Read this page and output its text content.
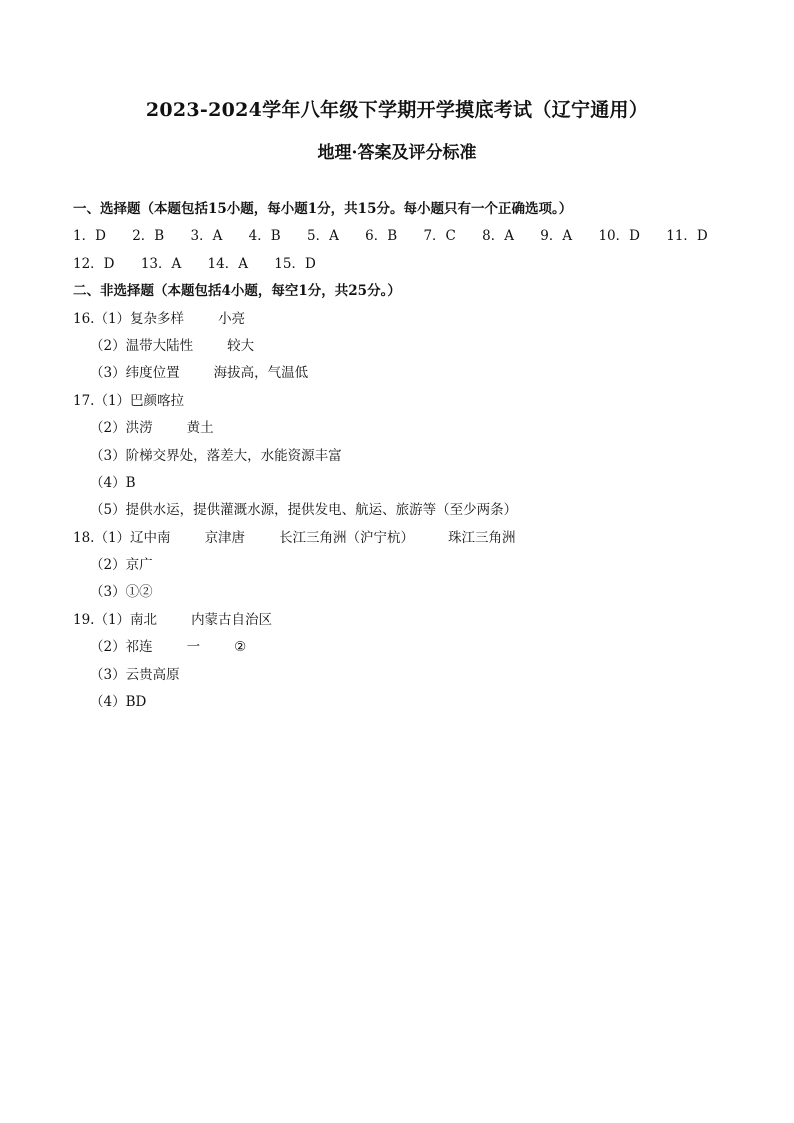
2023-2024学年八年级下学期开学摸底考试（辽宁通用）
地理·答案及评分标准
一、选择题（本题包括15小题，每小题1分，共15分。每小题只有一个正确选项。）
1．D 2．B 3．A 4．B 5．A 6．B 7．C 8．A 9．A 10．D 11．D
12．D 13．A 14．A 15．D
二、非选择题（本题包括4小题，每空1分，共25分。）
16.（1）复杂多样	小亮
（2）温带大陆性	较大
（3）纬度位置	海拔高，气温低
17.（1）巴颜喀拉
（2）洪涝	黄土
（3）阶梯交界处，落差大，水能资源丰富
（4）B
（5）提供水运，提供灌溉水源，提供发电、航运、旅游等（至少两条）
18.（1）辽中南	京津唐	长江三角洲（沪宁杭）	珠江三角洲
（2）京广
（3）①②
19.（1）南北	内蒙古自治区
（2）祁连	一	②
（3）云贵高原
（4）BD
